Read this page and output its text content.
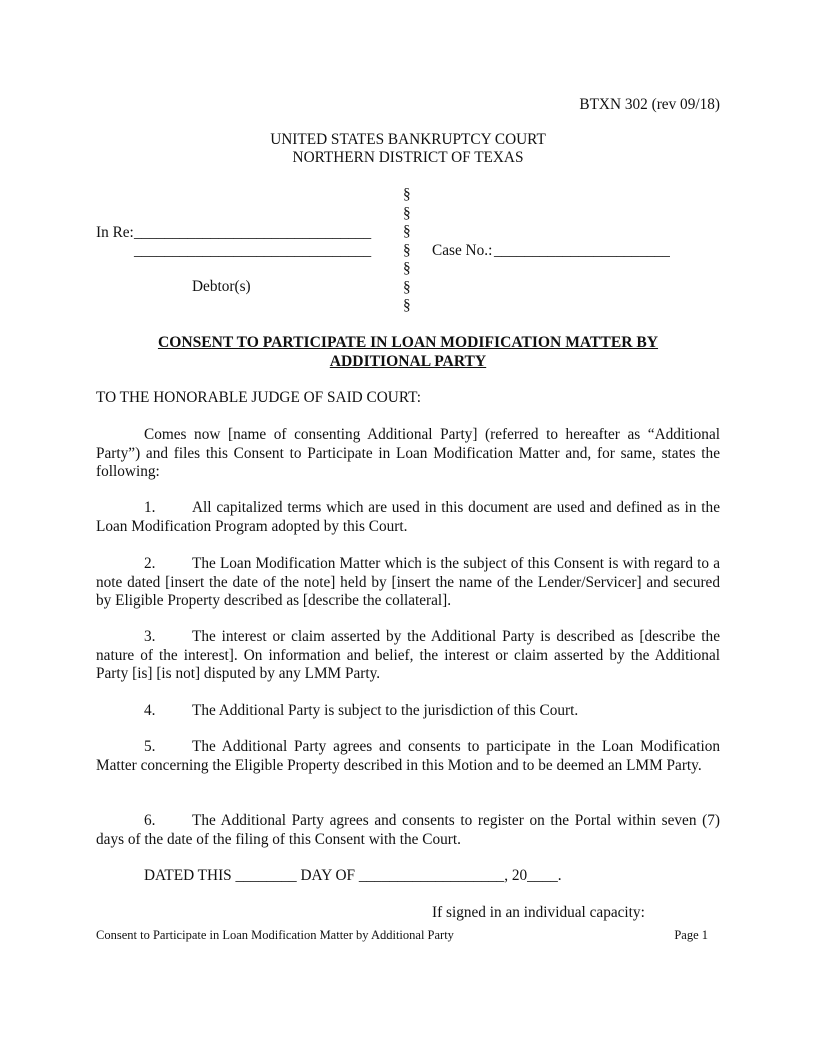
BTXN 302 (rev 09/18)
UNITED STATES BANKRUPTCY COURT
NORTHERN DISTRICT OF TEXAS
In Re: _______________________________
_______________________________
Debtor(s)
§
§
§
§
§
§
§
Case No.: _______________________
CONSENT TO PARTICIPATE IN LOAN MODIFICATION MATTER BY
ADDITIONAL PARTY
TO THE HONORABLE JUDGE OF SAID COURT:
Comes now [name of consenting Additional Party] (referred to hereafter as “Additional Party”) and files this Consent to Participate in Loan Modification Matter and, for same, states the following:
1. All capitalized terms which are used in this document are used and defined as in the Loan Modification Program adopted by this Court.
2. The Loan Modification Matter which is the subject of this Consent is with regard to a note dated [insert the date of the note] held by [insert the name of the Lender/Servicer] and secured by Eligible Property described as [describe the collateral].
3. The interest or claim asserted by the Additional Party is described as [describe the nature of the interest]. On information and belief, the interest or claim asserted by the Additional Party [is] [is not] disputed by any LMM Party.
4. The Additional Party is subject to the jurisdiction of this Court.
5. The Additional Party agrees and consents to participate in the Loan Modification Matter concerning the Eligible Property described in this Motion and to be deemed an LMM Party.
6. The Additional Party agrees and consents to register on the Portal within seven (7) days of the date of the filing of this Consent with the Court.
DATED THIS ________ DAY OF ___________________, 20____.
If signed in an individual capacity:
Consent to Participate in Loan Modification Matter by Additional Party	Page 1
